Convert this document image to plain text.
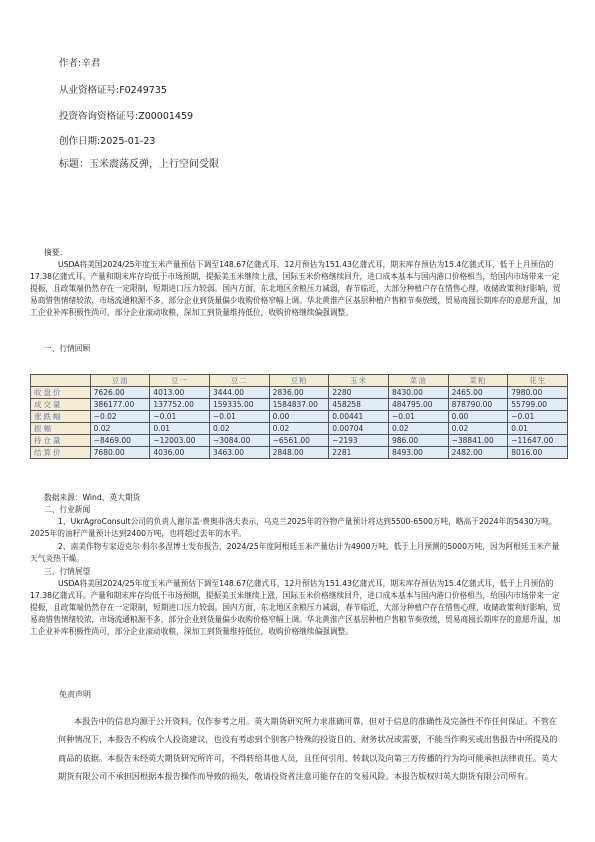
作者:辛君
从业资格证号:F0249735
投资咨询资格证号:Z00001459
创作日期:2025-01-23
标题：玉米震荡反弹，上行空间受限
摘要：
USDA将美国2024/25年度玉米产量预估下调至148.67亿蒲式耳，12月预估为151.43亿蒲式耳，期末库存预估为15.4亿蒲式耳，低于上月预估的17.38亿蒲式耳。产量和期末库存均低于市场预期，提振美玉米继续上涨，国际玉米价格继续回升，进口成本基本与国内港口价格相当，给国内市场带来一定提振，且政策端仍然存在一定限制，短期进口压力较弱。国内方面，东北地区余粮压力减弱，春节临近，大部分种植户存在惜售心理，收储政策利好影响，贸易商惜售情绪较浓，市场流通粮源不多，部分企业到货量偏少收购价格窄幅上调。华北黄淮产区基层种植户售粮节奏放缓，贸易商囤长期库存的意愿升温，加工企业补库积极性尚可，部分企业滚动收粮，深加工到货量维持低位，收购价格继续偏强调整。
一、行情回顾
	豆油	豆一	豆二	豆粕	玉米	菜油	菜粕	花生
收盘价	7626.00	4013.00	3444.00	2836.00	2280	8430.00	2465.00	7980.00
成交量	386177.00	137752.00	159335.00	1584837.00	458258	484795.00	878790.00	55799.00
涨跌幅	−0.02	−0.01	−0.01	0.00	0.00441	−0.01	0.00	−0.01
振幅	0.02	0.01	0.02	0.02	0.00704	0.02	0.02	0.01
持仓量	−8469.00	−12003.00	−3084.00	−6561.00	−2193	986.00	−38841.00	−11647.00
结算价	7680.00	4036.00	3463.00	2848.00	2281	8493.00	2482.00	8016.00
数据来源：Wind，英大期货
二、行业新闻
1、UkrAgroConsult公司的负责人谢尔盖·费奥菲洛夫表示，乌克兰2025年的谷物产量预计将达到5500-6500万吨，略高于2024年的5430万吨。2025年的油籽产量预计达到2400万吨，也将超过去年的水平。
2、南美作物专家迈克尔·科尔多涅博士发布报告，2024/25年度阿根廷玉米产量估计为4900万吨，低于上月预测的5000万吨，因为阿根廷玉米产量天气炎热干燥。
三、行情展望
USDA将美国2024/25年度玉米产量预估下调至148.67亿蒲式耳，12月预估为151.43亿蒲式耳，期末库存预估为15.4亿蒲式耳，低于上月预估的17.38亿蒲式耳。产量和期末库存均低于市场预期，提振美玉米继续上涨，国际玉米价格继续回升，进口成本基本与国内港口价格相当，给国内市场带来一定提振，且政策端仍然存在一定限制，短期进口压力较弱。国内方面，东北地区余粮压力减弱，春节临近，大部分种植户存在惜售心理，收储政策利好影响，贸易商惜售情绪较浓，市场流通粮源不多，部分企业到货量偏少收购价格窄幅上调。华北黄淮产区基层种植户售粮节奏放缓，贸易商囤长期库存的意愿升温，加工企业补库积极性尚可，部分企业滚动收粮，深加工到货量维持低位，收购价格继续偏强调整。
免责声明
本报告中的信息均源于公开资料，仅作参考之用。英大期货研究所力求准确可靠，但对于信息的准确性及完备性不作任何保证。不管在何种情况下，本报告不构成个人投资建议，也没有考虑到个别客户特殊的投资目的、财务状况或需要，不能当作购买或出售报告中所提及的商品的依据。本报告未经英大期货研究所许可，不得转给其他人员，且任何引用、转载以及向第三方传播的行为均可能承担法律责任。英大期货有限公司不承担因根据本报告操作而导致的损失，敬请投资者注意可能存在的交易风险。本报告版权归英大期货有限公司所有。
